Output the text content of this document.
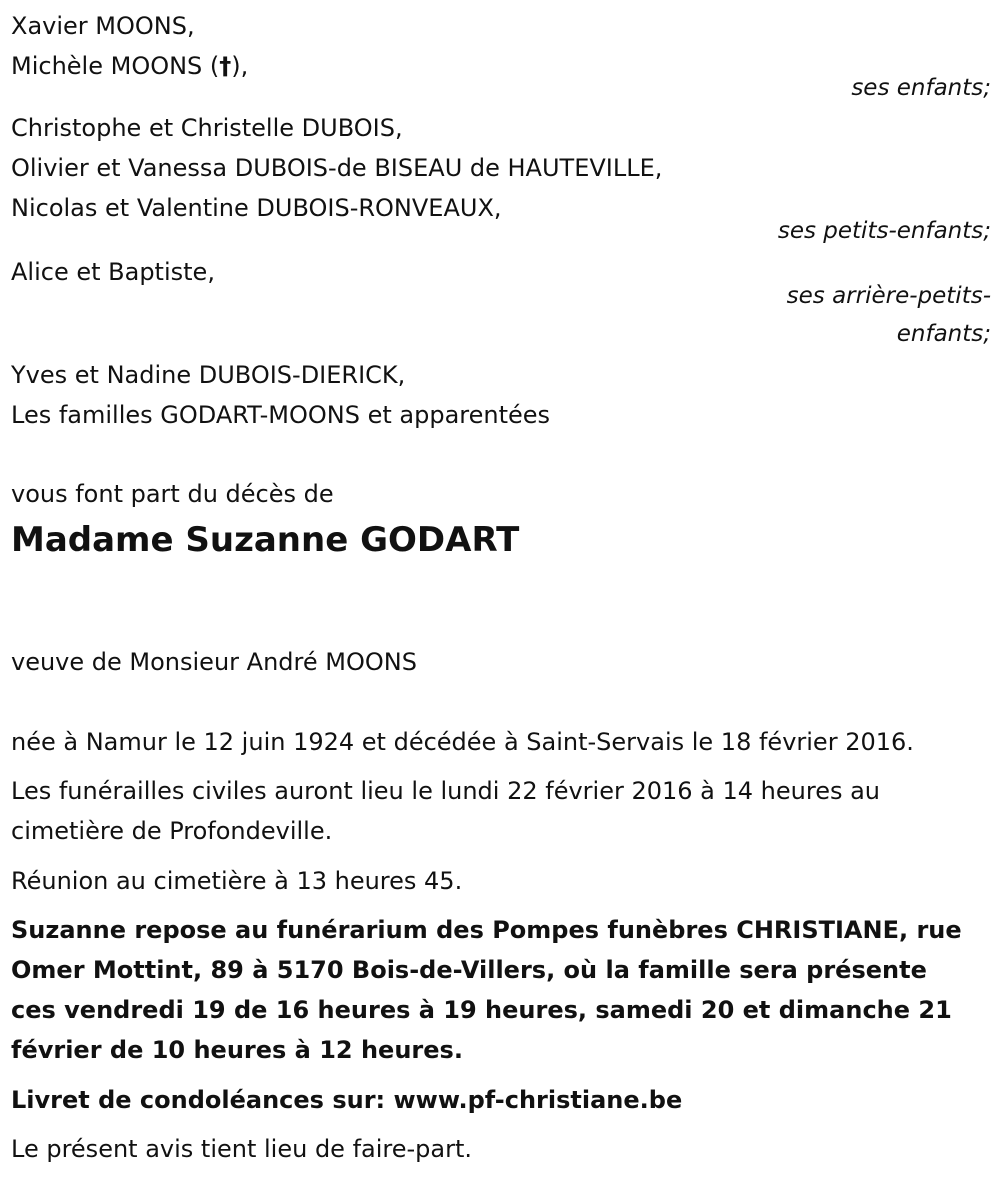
Xavier MOONS,
Michèle MOONS (†),
ses enfants;
Christophe et Christelle DUBOIS,
Olivier et Vanessa DUBOIS-de BISEAU de HAUTEVILLE,
Nicolas et Valentine DUBOIS-RONVEAUX,
ses petits-enfants;
Alice et Baptiste,
ses arrière-petits-
enfants;
Yves et Nadine DUBOIS-DIERICK,
Les familles GODART-MOONS et apparentées
vous font part du décès de
Madame Suzanne GODART
veuve de Monsieur André MOONS
née à Namur le 12 juin 1924 et décédée à Saint-Servais le 18 février 2016.
Les funérailles civiles auront lieu le lundi 22 février 2016 à 14 heures au
cimetière de Profondeville.
Réunion au cimetière à 13 heures 45.
Suzanne repose au funérarium des Pompes funèbres CHRISTIANE, rue
Omer Mottint, 89 à 5170 Bois-de-Villers, où la famille sera présente
ces vendredi 19 de 16 heures à 19 heures, samedi 20 et dimanche 21
février de 10 heures à 12 heures.
Livret de condoléances sur: www.pf-christiane.be
Le présent avis tient lieu de faire-part.
